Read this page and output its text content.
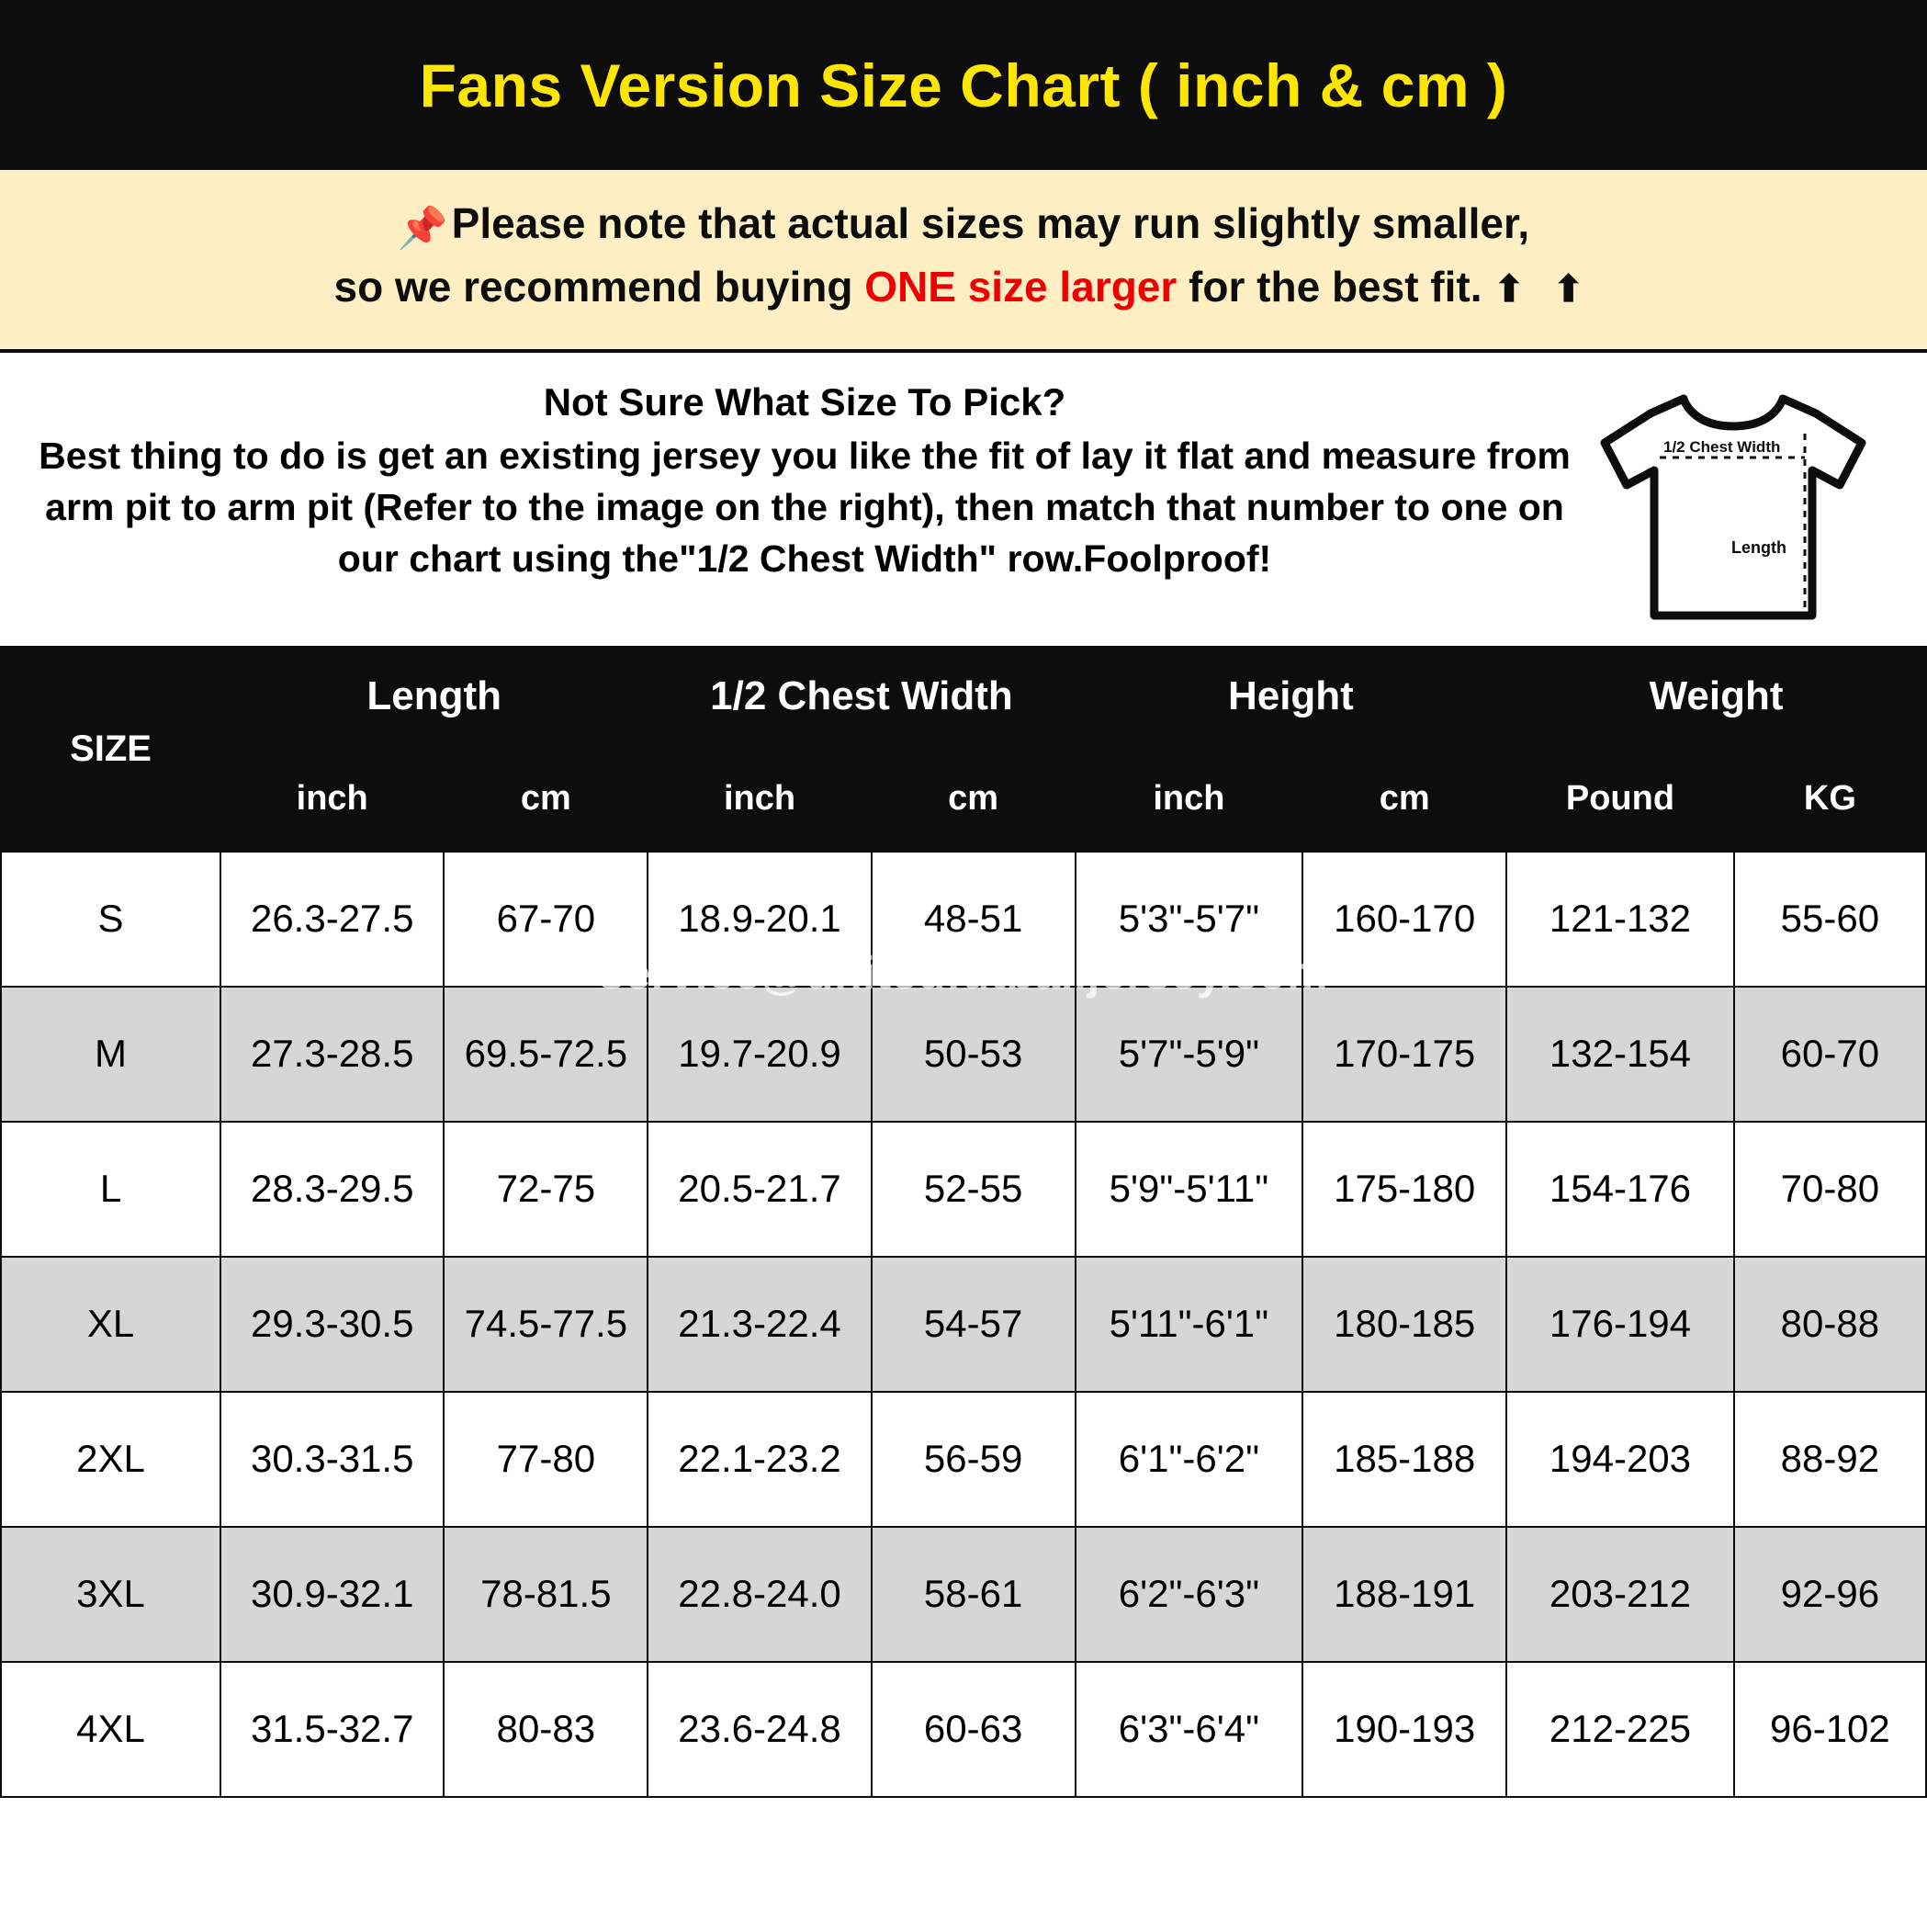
Fans Version Size Chart ( inch & cm )
📌Please note that actual sizes may run slightly smaller,
so we recommend buying ONE size larger for the best fit. ⬆ ⬆
Not Sure What Size To Pick?
Best thing to do is get an existing jersey you like the fit of lay it flat and measure from arm pit to arm pit (Refer to the image on the right), then match that number to one on our chart using the"1/2 Chest Width" row.Foolproof!
1/2 Chest Width
Length
service@unitedfutballjersey.com
SIZE	Length		1/2 Chest Width		Height		Weight	
	inch	cm	inch	cm	inch	cm	Pound	KG
S	26.3-27.5	67-70	18.9-20.1	48-51	5'3"-5'7"	160-170	121-132	55-60
M	27.3-28.5	69.5-72.5	19.7-20.9	50-53	5'7"-5'9"	170-175	132-154	60-70
L	28.3-29.5	72-75	20.5-21.7	52-55	5'9"-5'11"	175-180	154-176	70-80
XL	29.3-30.5	74.5-77.5	21.3-22.4	54-57	5'11"-6'1"	180-185	176-194	80-88
2XL	30.3-31.5	77-80	22.1-23.2	56-59	6'1"-6'2"	185-188	194-203	88-92
3XL	30.9-32.1	78-81.5	22.8-24.0	58-61	6'2"-6'3"	188-191	203-212	92-96
4XL	31.5-32.7	80-83	23.6-24.8	60-63	6'3"-6'4"	190-193	212-225	96-102
